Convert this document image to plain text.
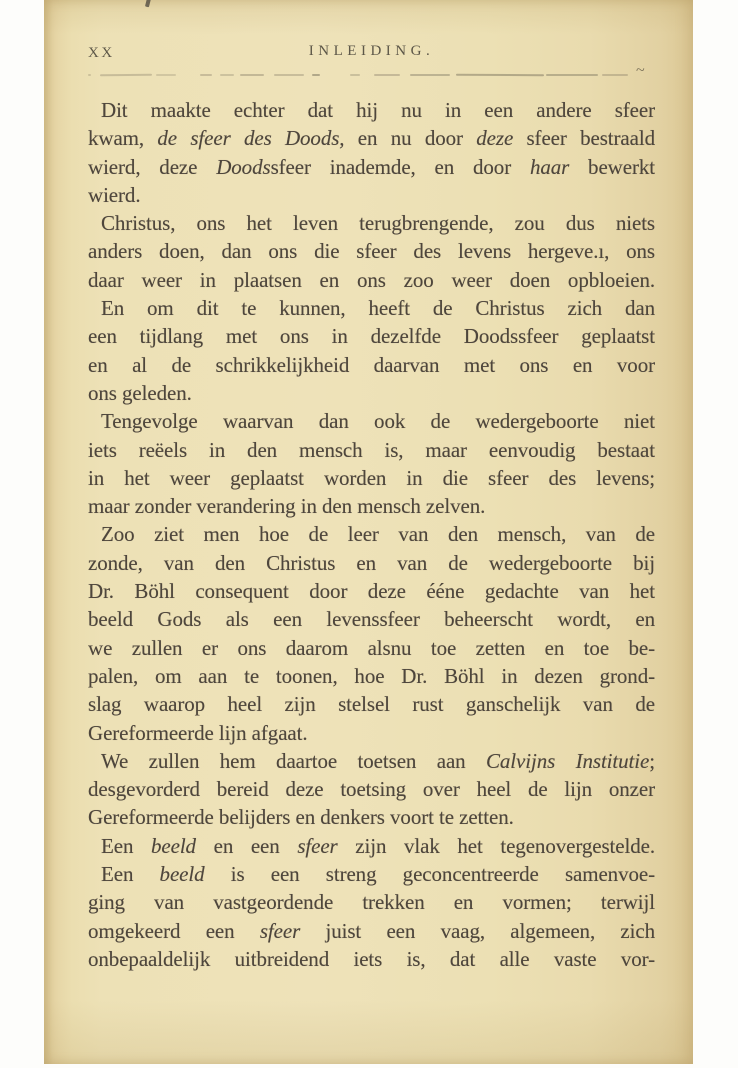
XX	INLEIDING.
~
Dit maakte echter dat hij nu in een andere sfeer
kwam, de sfeer des Doods, en nu door deze sfeer bestraald
wierd, deze Doodssfeer inademde, en door haar bewerkt
wierd.
Christus, ons het leven terugbrengende, zou dus niets
anders doen, dan ons die sfeer des levens hergeve.ı, ons
daar weer in plaatsen en ons zoo weer doen opbloeien.
En om dit te kunnen, heeft de Christus zich dan
een tijdlang met ons in dezelfde Doodssfeer geplaatst
en al de schrikkelijkheid daarvan met ons en voor
ons geleden.
Tengevolge waarvan dan ook de wedergeboorte niet
iets reëels in den mensch is, maar eenvoudig bestaat
in het weer geplaatst worden in die sfeer des levens;
maar zonder verandering in den mensch zelven.
Zoo ziet men hoe de leer van den mensch, van de
zonde, van den Christus en van de wedergeboorte bij
Dr. Böhl consequent door deze ééne gedachte van het
beeld Gods als een levenssfeer beheerscht wordt, en
we zullen er ons daarom alsnu toe zetten en toe be-
palen, om aan te toonen, hoe Dr. Böhl in dezen grond-
slag waarop heel zijn stelsel rust ganschelijk van de
Gereformeerde lijn afgaat.
We zullen hem daartoe toetsen aan Calvijns Institutie;
desgevorderd bereid deze toetsing over heel de lijn onzer
Gereformeerde belijders en denkers voort te zetten.
Een beeld en een sfeer zijn vlak het tegenovergestelde.
Een beeld is een streng geconcentreerde samenvoe-
ging van vastgeordende trekken en vormen; terwijl
omgekeerd een sfeer juist een vaag, algemeen, zich
onbepaaldelijk uitbreidend iets is, dat alle vaste vor-
